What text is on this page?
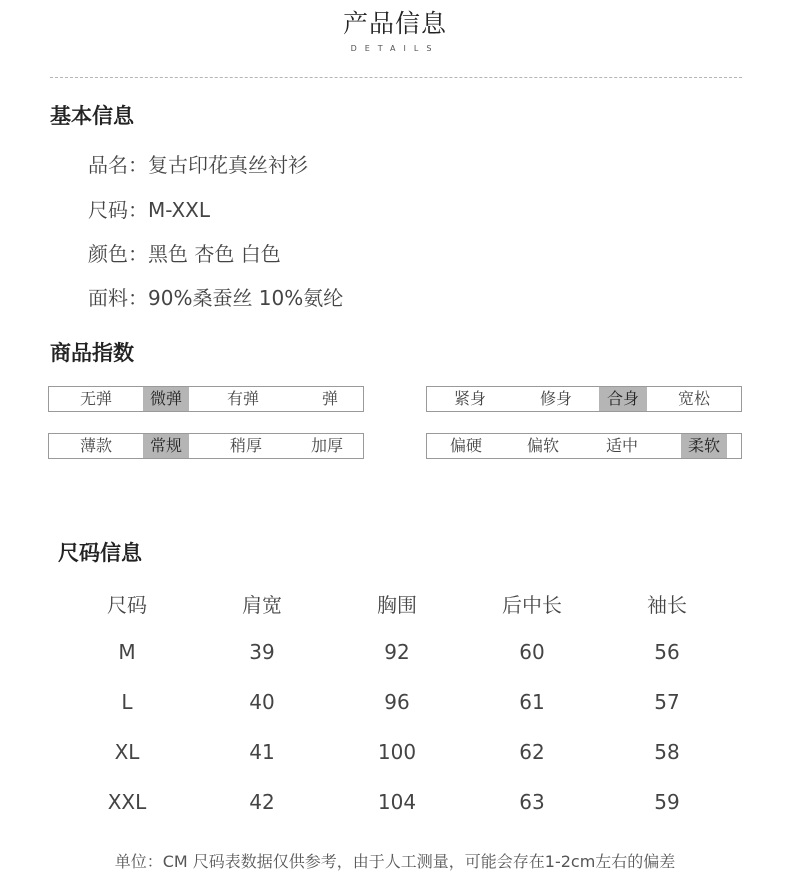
产品信息
DETAILS
基本信息
品名：复古印花真丝衬衫
尺码：M-XXL
颜色：黑色 杏色 白色
面料：90%桑蚕丝 10%氨纶
商品指数
无弹	微弹	有弹	弹	紧身	修身	合身	宽松
薄款	常规	稍厚	加厚	偏硬	偏软	适中	柔软
尺码信息
尺码	肩宽	胸围	后中长	袖长
M	39	92	60	56
L	40	96	61	57
XL	41	100	62	58
XXL	42	104	63	59
单位：CM 尺码表数据仅供参考，由于人工测量，可能会存在1-2cm左右的偏差
